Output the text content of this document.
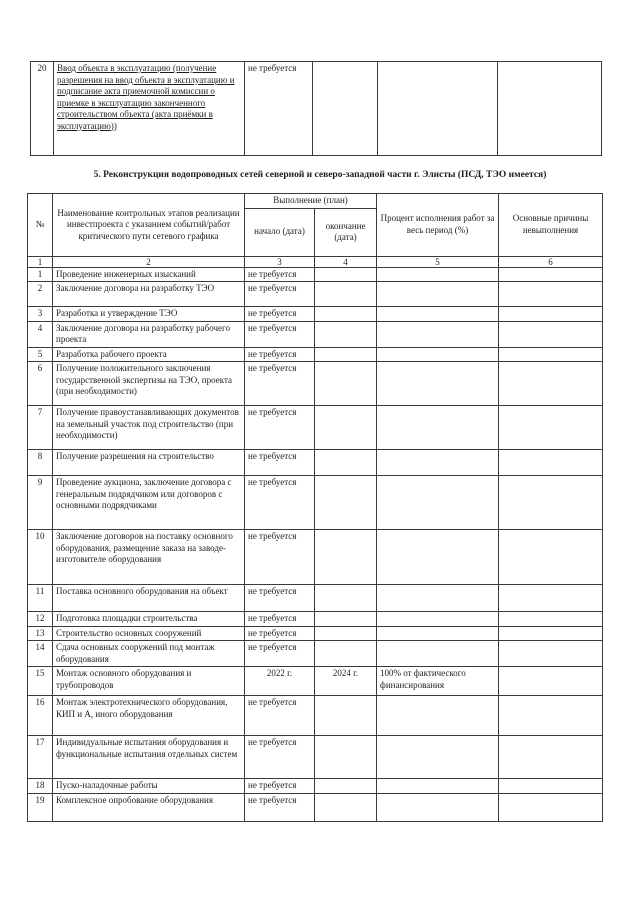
20	Ввод объекта в эксплуатацию (получение разрешения на ввод объекта в эксплуатацию и подписание акта приемочной комиссии о приемке в эксплуатацию законченного строительством объекта (акта приёмки в эксплуатацию))	не требуется			
5. Реконструкция водопроводных сетей северной и северо-западной части г. Элисты (ПСД, ТЭО имеется)
№	Наименование контрольных этапов реализации инвестпроекта с указанием событий/работ критического пути сетевого графика	Выполнение (план)		Процент исполнения работ за весь период (%)	Основные причины невыполнения
		начало (дата)	окончание (дата)		
1	2	3	4	5	6
1	Проведение инженерных изысканий	не требуется			
2	Заключение договора на разработку ТЭО	не требуется			
3	Разработка и утверждение ТЭО	не требуется			
4	Заключение договора на разработку рабочего проекта	не требуется			
5	Разработка рабочего проекта	не требуется			
6	Получение положительного заключения государственной экспертизы на ТЭО, проекта (при необходимости)	не требуется			
7	Получение правоустанавливающих документов на земельный участок под строительство (при необходимости)	не требуется			
8	Получение разрешения на строительство	не требуется			
9	Проведение аукциона, заключение договора с генеральным подрядчиком или договоров с основными подрядчиками	не требуется			
10	Заключение договоров на поставку основного оборудования, размещение заказа на заводе-изготовителе оборудования	не требуется			
11	Поставка основного оборудования на объект	не требуется			
12	Подготовка площадки строительства	не требуется			
13	Строительство основных сооружений	не требуется			
14	Сдача основных сооружений под монтаж оборудования	не требуется			
15	Монтаж основного оборудования и трубопроводов	2022 г.	2024 г.	100% от фактического финансирования	
16	Монтаж электротехнического оборудования, КИП и А, иного оборудования	не требуется			
17	Индивидуальные испытания оборудования и функциональные испытания отдельных систем	не требуется			
18	Пуско-наладочные работы	не требуется			
19	Комплексное опробование оборудования	не требуется			
